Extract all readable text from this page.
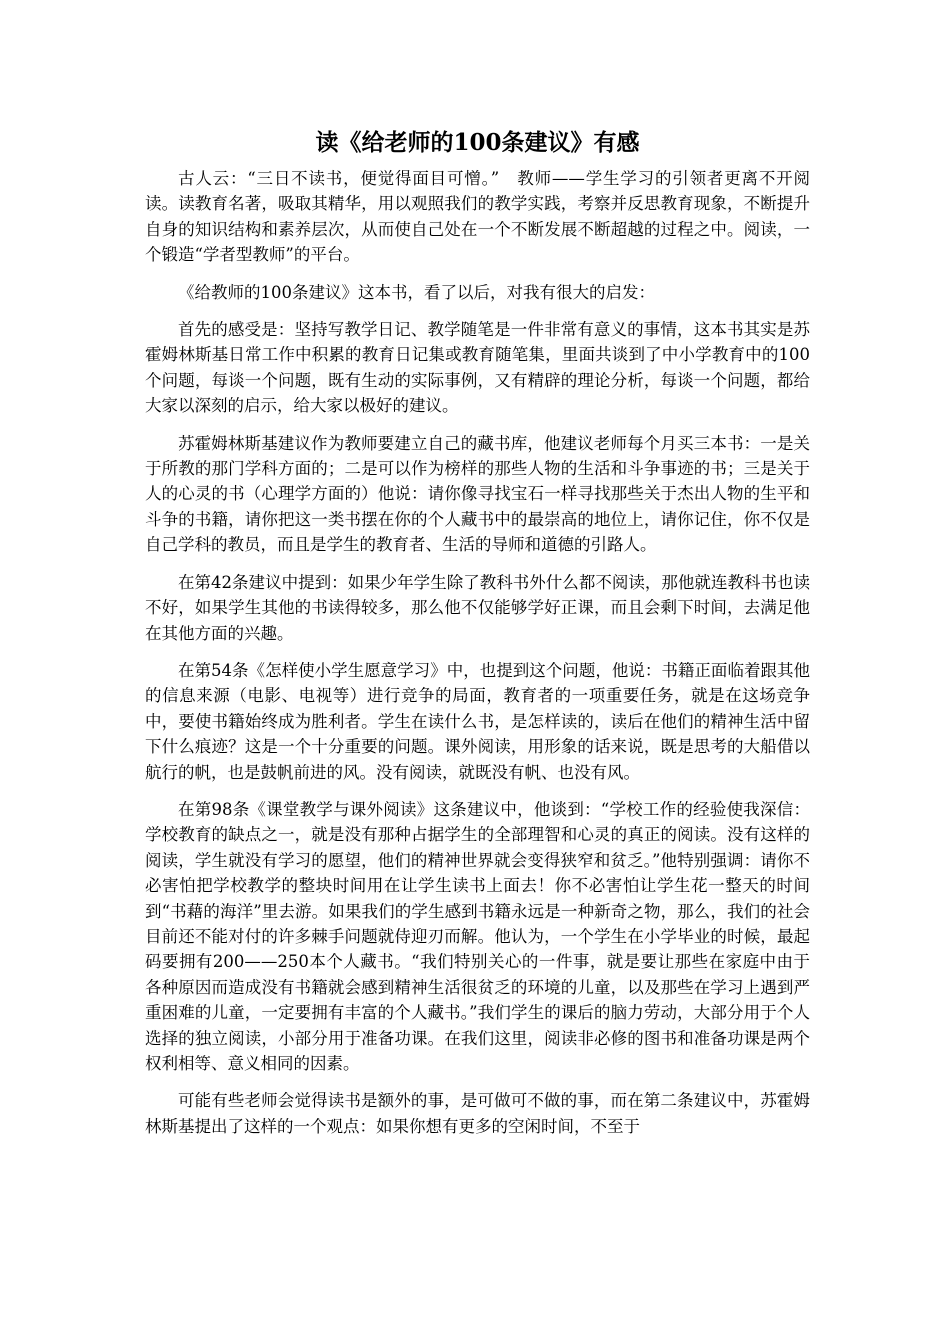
读《给老师的100条建议》有感

古人云：“三日不读书，便觉得面目可憎。”　教师——学生学习的引领者更离不开阅读。读教育名著，吸取其精华，用以观照我们的教学实践，考察并反思教育现象，不断提升自身的知识结构和素养层次，从而使自己处在一个不断发展不断超越的过程之中。阅读，一个锻造“学者型教师”的平台。

《给教师的100条建议》这本书，看了以后，对我有很大的启发：

首先的感受是：坚持写教学日记、教学随笔是一件非常有意义的事情，这本书其实是苏霍姆林斯基日常工作中积累的教育日记集或教育随笔集，里面共谈到了中小学教育中的100个问题，每谈一个问题，既有生动的实际事例，又有精辟的理论分析，每谈一个问题，都给大家以深刻的启示，给大家以极好的建议。

苏霍姆林斯基建议作为教师要建立自己的藏书库，他建议老师每个月买三本书：一是关于所教的那门学科方面的；二是可以作为榜样的那些人物的生活和斗争事迹的书；三是关于人的心灵的书（心理学方面的）他说：请你像寻找宝石一样寻找那些关于杰出人物的生平和斗争的书籍，请你把这一类书摆在你的个人藏书中的最崇高的地位上，请你记住，你不仅是自己学科的教员，而且是学生的教育者、生活的导师和道德的引路人。

在第42条建议中提到：如果少年学生除了教科书外什么都不阅读，那他就连教科书也读不好，如果学生其他的书读得较多，那么他不仅能够学好正课，而且会剩下时间，去满足他在其他方面的兴趣。

在第54条《怎样使小学生愿意学习》中，也提到这个问题，他说：书籍正面临着跟其他的信息来源（电影、电视等）进行竞争的局面，教育者的一项重要任务，就是在这场竞争中，要使书籍始终成为胜利者。学生在读什么书，是怎样读的，读后在他们的精神生活中留下什么痕迹？这是一个十分重要的问题。课外阅读，用形象的话来说，既是思考的大船借以航行的帆，也是鼓帆前进的风。没有阅读，就既没有帆、也没有风。

在第98条《课堂教学与课外阅读》这条建议中，他谈到：“学校工作的经验使我深信：学校教育的缺点之一，就是没有那种占据学生的全部理智和心灵的真正的阅读。没有这样的阅读，学生就没有学习的愿望，他们的精神世界就会变得狭窄和贫乏。”他特别强调：请你不必害怕把学校教学的整块时间用在让学生读书上面去！你不必害怕让学生花一整天的时间到“书藉的海洋”里去游。如果我们的学生感到书籍永远是一种新奇之物，那么，我们的社会目前还不能对付的许多棘手问题就侍迎刃而解。他认为，一个学生在小学毕业的时候，最起码要拥有200——250本个人藏书。“我们特别关心的一件事，就是要让那些在家庭中由于各种原因而造成没有书籍就会感到精神生活很贫乏的环境的儿童，以及那些在学习上遇到严重困难的儿童，一定要拥有丰富的个人藏书。”我们学生的课后的脑力劳动，大部分用于个人选择的独立阅读，小部分用于准备功课。在我们这里，阅读非必修的图书和准备功课是两个权利相等、意义相同的因素。

可能有些老师会觉得读书是额外的事，是可做可不做的事，而在第二条建议中，苏霍姆林斯基提出了这样的一个观点：如果你想有更多的空闲时间，不至于
